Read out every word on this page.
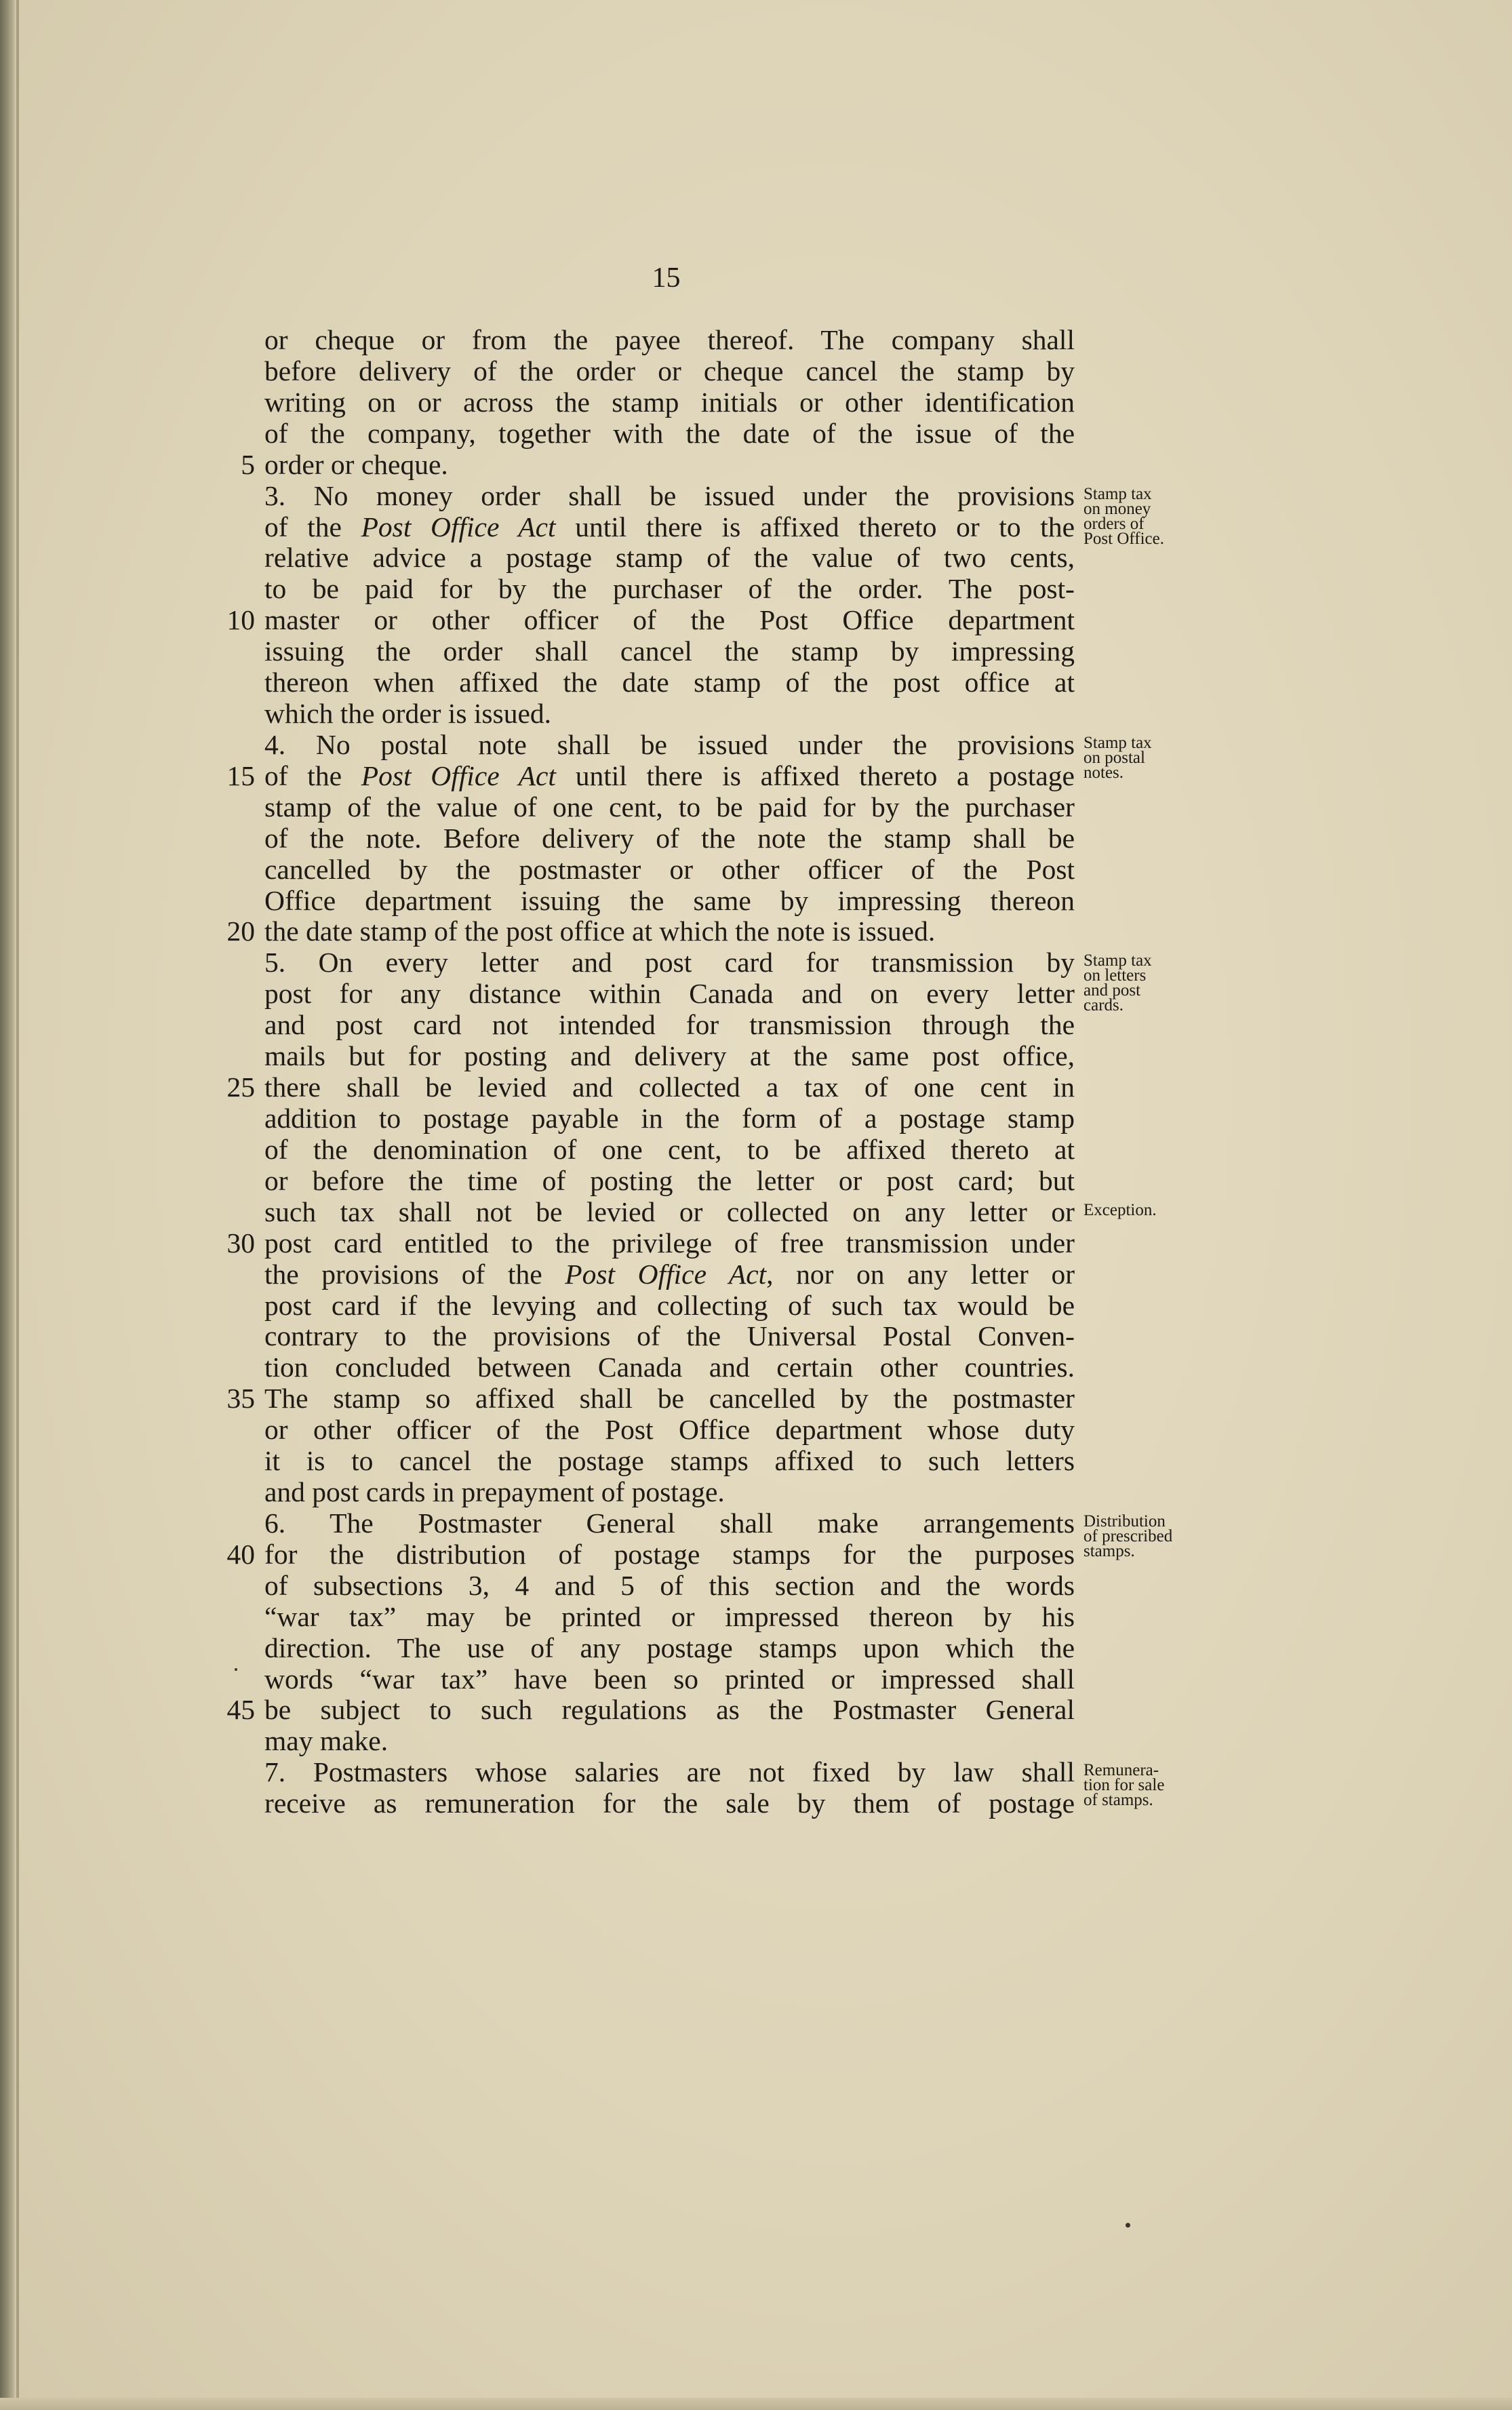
15
or cheque or from the payee thereof. The company shall
before delivery of the order or cheque cancel the stamp by
writing on or across the stamp initials or other identification
of the company, together with the date of the issue of the
order or cheque.
3. No money order shall be issued under the provisions
of the Post Office Act until there is affixed thereto or to the
relative advice a postage stamp of the value of two cents,
to be paid for by the purchaser of the order. The post-
master or other officer of the Post Office department
issuing the order shall cancel the stamp by impressing
thereon when affixed the date stamp of the post office at
which the order is issued.
4. No postal note shall be issued under the provisions
of the Post Office Act until there is affixed thereto a postage
stamp of the value of one cent, to be paid for by the purchaser
of the note. Before delivery of the note the stamp shall be
cancelled by the postmaster or other officer of the Post
Office department issuing the same by impressing thereon
the date stamp of the post office at which the note is issued.
5. On every letter and post card for transmission by
post for any distance within Canada and on every letter
and post card not intended for transmission through the
mails but for posting and delivery at the same post office,
there shall be levied and collected a tax of one cent in
addition to postage payable in the form of a postage stamp
of the denomination of one cent, to be affixed thereto at
or before the time of posting the letter or post card; but
such tax shall not be levied or collected on any letter or
post card entitled to the privilege of free transmission under
the provisions of the Post Office Act, nor on any letter or
post card if the levying and collecting of such tax would be
contrary to the provisions of the Universal Postal Conven-
tion concluded between Canada and certain other countries.
The stamp so affixed shall be cancelled by the postmaster
or other officer of the Post Office department whose duty
it is to cancel the postage stamps affixed to such letters
and post cards in prepayment of postage.
6. The Postmaster General shall make arrangements
for the distribution of postage stamps for the purposes
of subsections 3, 4 and 5 of this section and the words
“war tax” may be printed or impressed thereon by his
direction. The use of any postage stamps upon which the
words “war tax” have been so printed or impressed shall
be subject to such regulations as the Postmaster General
may make.
7. Postmasters whose salaries are not fixed by law shall
receive as remuneration for the sale by them of postage
5
10
15
20
25
30
35
40
45
Stamp tax
on money
orders of
Post Office.
Stamp tax
on postal
notes.
Stamp tax
on letters
and post
cards.
Exception.
Distribution
of prescribed
stamps.
Remunera-
tion for sale
of stamps.
